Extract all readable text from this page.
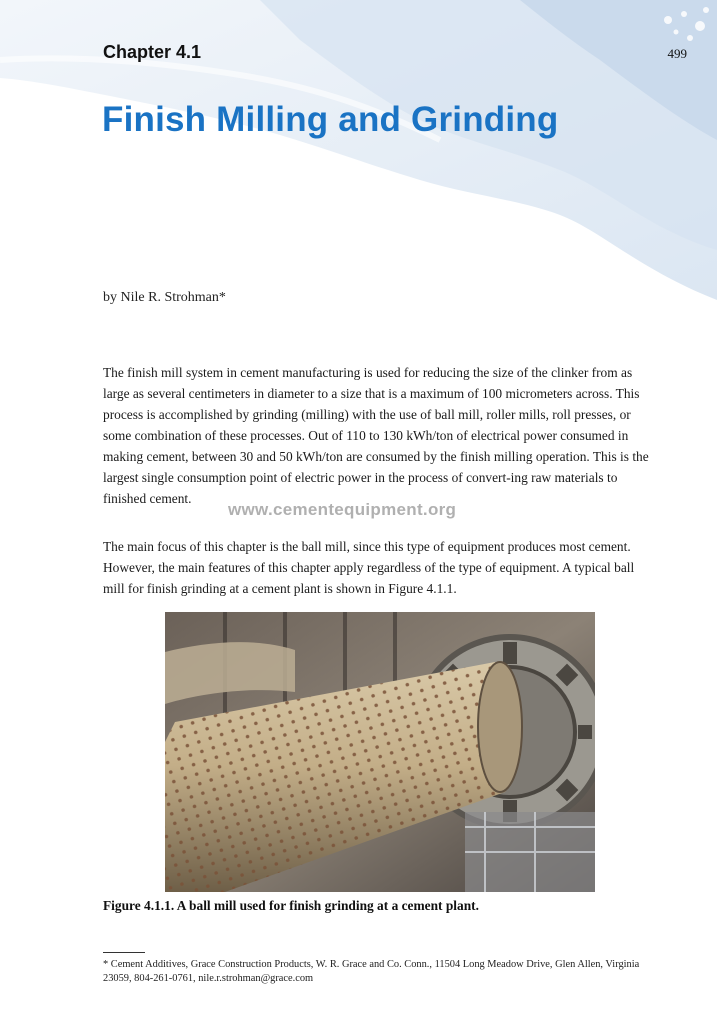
Chapter 4.1	499
Finish Milling and Grinding
by Nile R. Strohman*

The finish mill system in cement manufacturing is used for reducing the size of the clinker from as large as several centimeters in diameter to a size that is a maximum of 100 micrometers across. This process is accomplished by grinding (milling) with the use of ball mill, roller mills, roll presses, or some combination of these processes. Out of 110 to 130 kWh/ton of electrical power consumed in making cement, between 30 and 50 kWh/ton are consumed by the finish milling operation. This is the largest single consumption point of electric power in the process of convert-ing raw materials to finished cement.

www.cementequipment.org

The main focus of this chapter is the ball mill, since this type of equipment produces most cement. However, the main features of this chapter apply regardless of the type of equipment. A typical ball mill for finish grinding at a cement plant is shown in Figure 4.1.1.

Figure 4.1.1. A ball mill used for finish grinding at a cement plant.
* Cement Additives, Grace Construction Products, W. R. Grace and Co. Conn., 11504 Long Meadow Drive, Glen Allen, Virginia 23059, 804-261-0761, nile.r.strohman@grace.com
